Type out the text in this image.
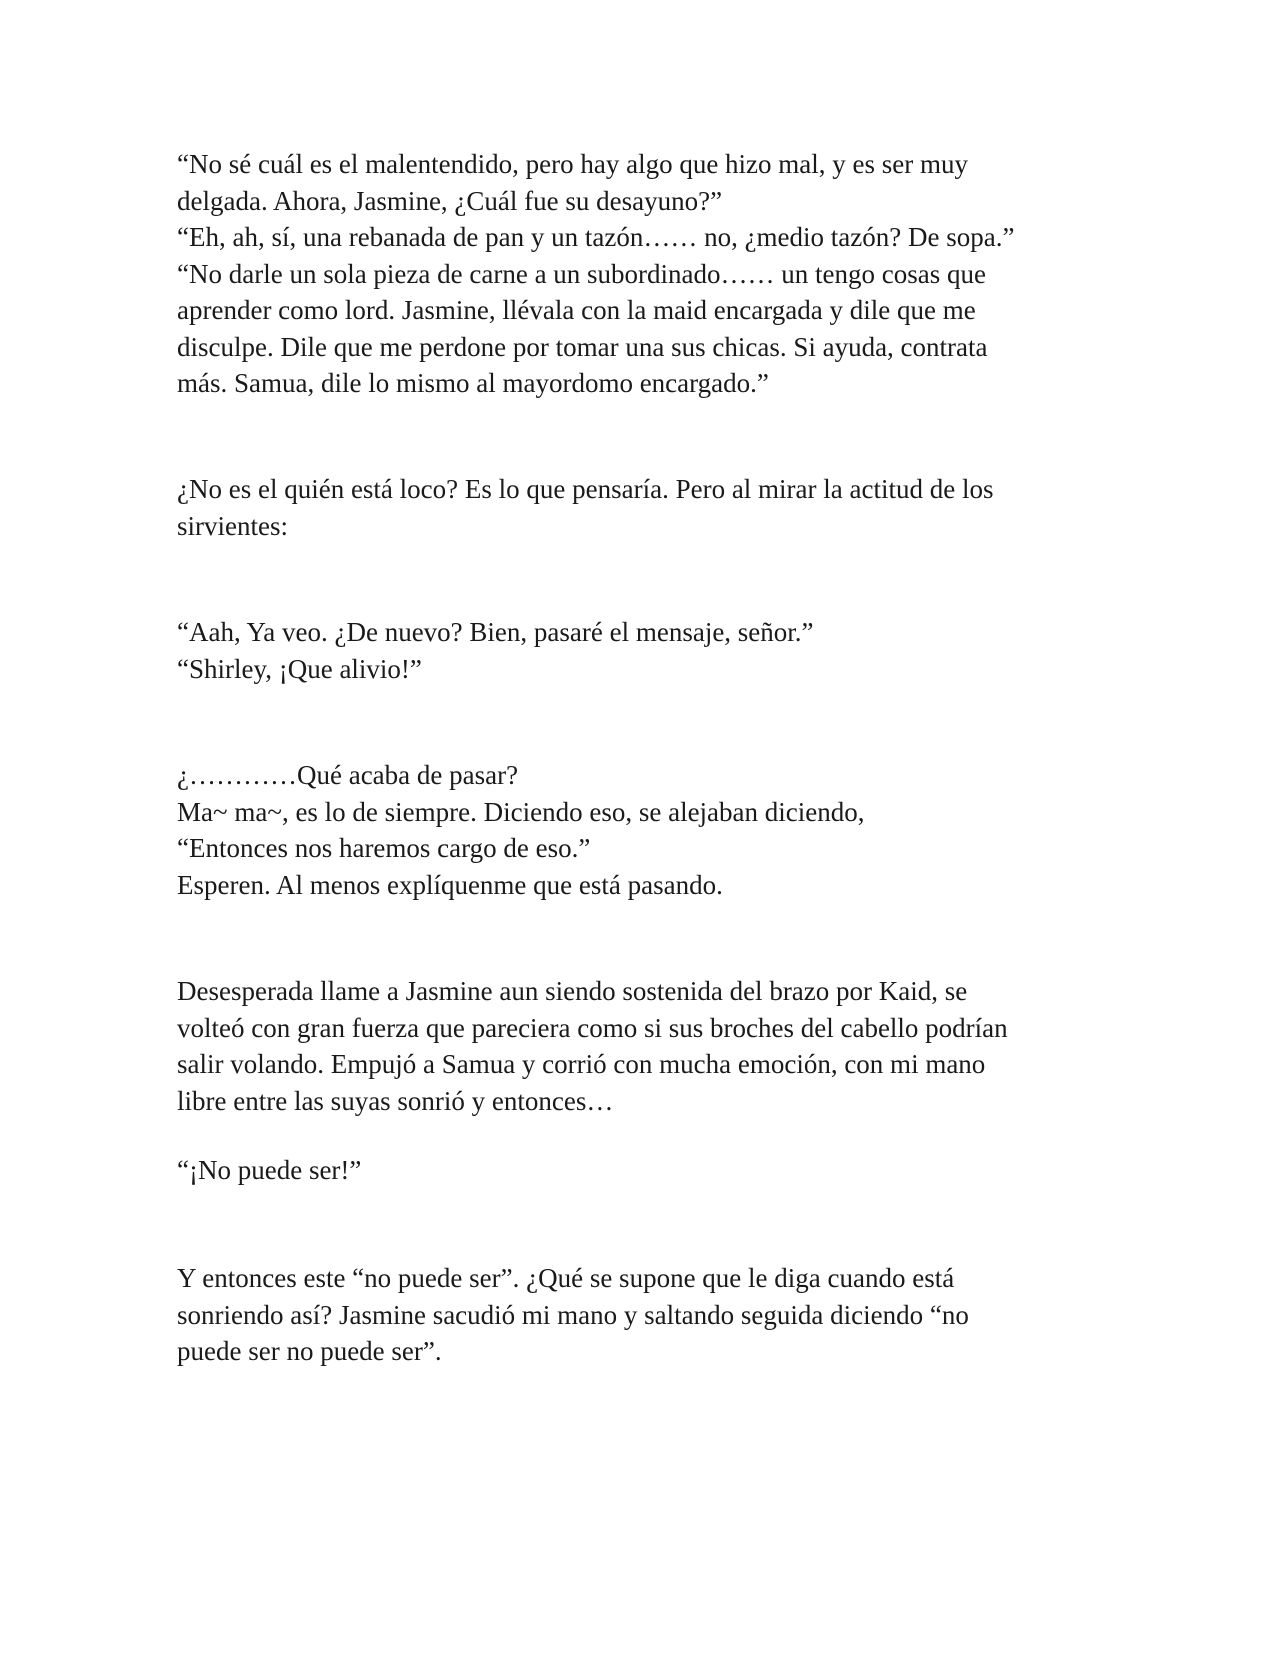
“No sé cuál es el malentendido, pero hay algo que hizo mal, y es ser muy
delgada. Ahora, Jasmine, ¿Cuál fue su desayuno?”
“Eh, ah, sí, una rebanada de pan y un tazón…… no, ¿medio tazón? De sopa.”
“No darle un sola pieza de carne a un subordinado…… un tengo cosas que
aprender como lord. Jasmine, llévala con la maid encargada y dile que me
disculpe. Dile que me perdone por tomar una sus chicas. Si ayuda, contrata
más. Samua, dile lo mismo al mayordomo encargado.”

¿No es el quién está loco? Es lo que pensaría. Pero al mirar la actitud de los
sirvientes:

“Aah, Ya veo. ¿De nuevo? Bien, pasaré el mensaje, señor.”
“Shirley, ¡Que alivio!”

¿…………Qué acaba de pasar?
Ma~ ma~, es lo de siempre. Diciendo eso, se alejaban diciendo,
“Entonces nos haremos cargo de eso.”
Esperen. Al menos explíquenme que está pasando.

Desesperada llame a Jasmine aun siendo sostenida del brazo por Kaid, se
volteó con gran fuerza que pareciera como si sus broches del cabello podrían
salir volando. Empujó a Samua y corrió con mucha emoción, con mi mano
libre entre las suyas sonrió y entonces…

“¡No puede ser!”

Y entonces este “no puede ser”. ¿Qué se supone que le diga cuando está
sonriendo así? Jasmine sacudió mi mano y saltando seguida diciendo “no
puede ser no puede ser”.
